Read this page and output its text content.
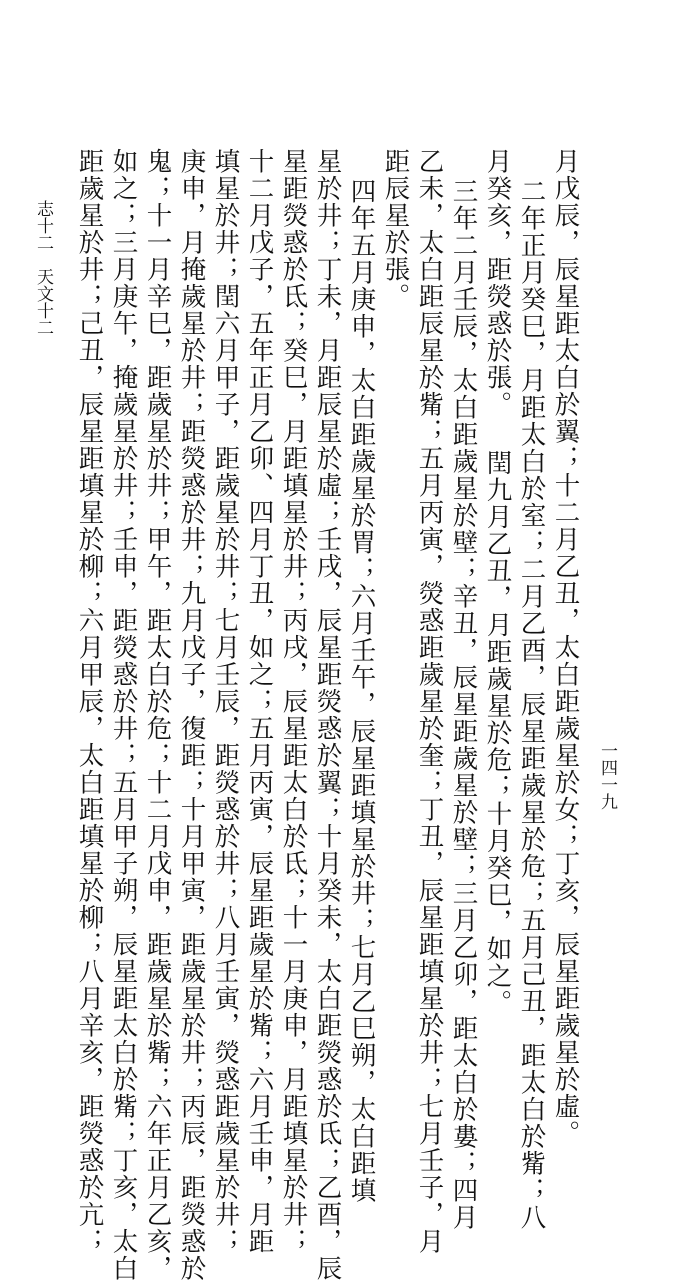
月戊辰，辰星距太白於翼；十二月乙丑，太白距歲星於女；丁亥，辰星距歲星於虛。

二年正月癸巳，月距太白於室；二月乙酉，辰星距歲星於危；五月己丑，距太白於觜；八

月癸亥，距熒惑於張。 閏九月乙丑，月距歲星於危；十月癸巳，如之。

三年二月壬辰，太白距歲星於壁；辛丑，辰星距歲星於壁；三月乙卯，距太白於婁；四月

乙未，太白距辰星於觜；五月丙寅，熒惑距歲星於奎；丁丑，辰星距填星於井；七月壬子，月

距辰星於張。

四年五月庚申，太白距歲星於胃；六月壬午，辰星距填星於井；七月乙巳朔，太白距填

星於井；丁未，月距辰星於虛；壬戌，辰星距熒惑於翼；十月癸未，太白距熒惑於氐；乙酉，辰

星距熒惑於氐；癸巳，月距填星於井；丙戌，辰星距太白於氐；十一月庚申，月距填星於井；

十二月戊子，五年正月乙卯、四月丁丑，如之；五月丙寅，辰星距歲星於觜；六月壬申，月距

填星於井；閏六月甲子，距歲星於井；七月壬辰，距熒惑於井；八月壬寅，熒惑距歲星於井；

庚申，月掩歲星於井；距熒惑於井；九月戊子，復距；十月甲寅，距歲星於井；丙辰，距熒惑於

鬼；十一月辛巳，距歲星於井；甲午，距太白於危；十二月戊申，距歲星於觜；六年正月乙亥，

如之；三月庚午，掩歲星於井；壬申，距熒惑於井；五月甲子朔，辰星距太白於觜；丁亥，太白

距歲星於井；己丑，辰星距填星於柳；六月甲辰，太白距填星於柳；八月辛亥，距熒惑於亢；

志十二　天文十二
一四一九
